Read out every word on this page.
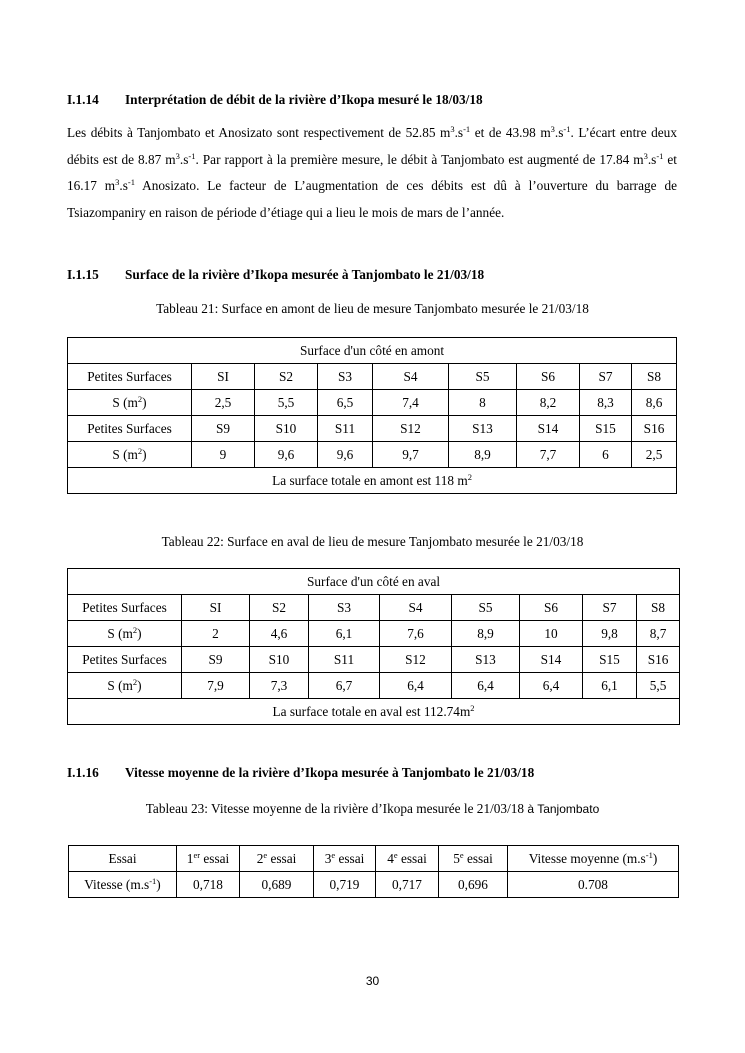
I.1.14 Interprétation de débit de la rivière d’Ikopa mesuré le 18/03/18

Les débits à Tanjombato et Anosizato sont respectivement de 52.85 $m^3.s^{-1}$ et de 43.98 $m^3.s^{-1}$. L’écart entre deux débits est de 8.87 $m^3.s^{-1}$. Par rapport à la première mesure, le débit à Tanjombato est augmenté de 17.84 $m^3.s^{-1}$ et 16.17 $m^3.s^{-1}$ Anosizato. Le facteur de L’augmentation de ces débits est dû à l’ouverture du barrage de Tsiazompaniry en raison de période d’étiage qui a lieu le mois de mars de l’année.

I.1.15 Surface de la rivière d’Ikopa mesurée à Tanjombato le 21/03/18
Tableau 21: Surface en amont de lieu de mesure Tanjombato mesurée le 21/03/18
Surface d'un côté en amont								
Petites Surfaces	SI	S2	S3	S4	S5	S6	S7	S8
S $(m^2)$	2,5	5,5	6,5	7,4	8	8,2	8,3	8,6
Petites Surfaces	S9	S10	S11	S12	S13	S14	S15	S16
S $(m^2)$	9	9,6	9,6	9,7	8,9	7,7	6	2,5
La surface totale en amont est 118 $m^2$
Tableau 22: Surface en aval de lieu de mesure Tanjombato mesurée le 21/03/18
Surface d'un côté en aval								
Petites Surfaces	SI	S2	S3	S4	S5	S6	S7	S8
S $(m^2)$	2	4,6	6,1	7,6	8,9	10	9,8	8,7
Petites Surfaces	S9	S10	S11	S12	S13	S14	S15	S16
S $(m^2)$	7,9	7,3	6,7	6,4	6,4	6,4	6,1	5,5
La surface totale en aval est $112.74m^2$
I.1.16 Vitesse moyenne de la rivière d’Ikopa mesurée à Tanjombato le 21/03/18
Tableau 23: Vitesse moyenne de la rivière d’Ikopa mesurée le 21/03/18 à Tanjombato
Essai	1er essai	2e essai	3e essai	4e essai	5e essai	Vitesse moyenne $(m.s^{-1})$
Vitesse $(m.s^{-1})$	0,718	0,689	0,719	0,717	0,696	0.708
30
